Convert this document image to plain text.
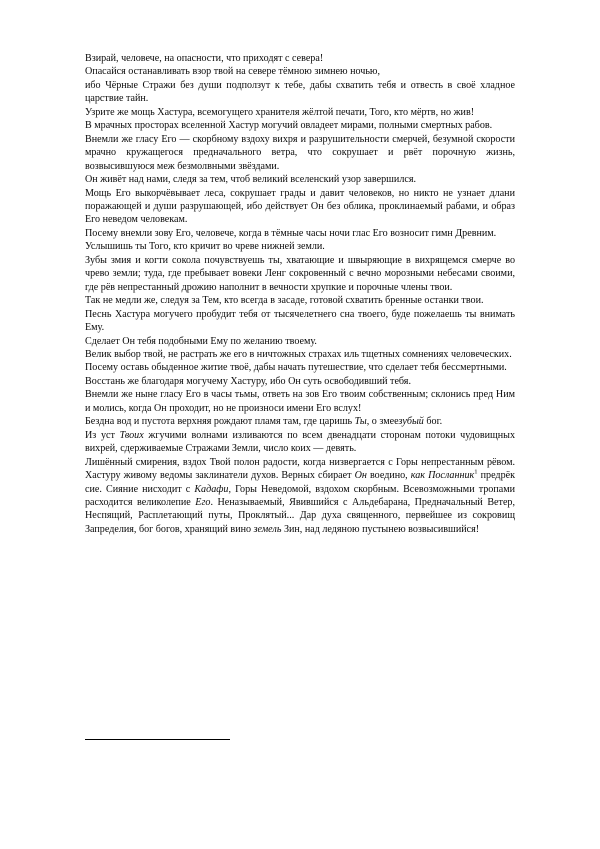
Взирай, человече, на опасности, что приходят с севера!

Опасайся останавливать взор твой на севере тёмною зимнею ночью,

ибо Чёрные Стражи без души подползут к тебе, дабы схватить тебя и отвесть в своё хладное царствие тайн.

Узрите же мощь Хастура, всемогущего хранителя жёлтой печати, Того, кто мёртв, но жив!

В мрачных просторах вселенной Хастур могучий овладеет мирами, полными смертных рабов.

Внемли же гласу Его — скорбному вздоху вихря и разрушительности смерчей, безумной скорости мрачно кружащегося предначального ветра, что сокрушает и рвёт порочную жизнь, возвысившуюся меж безмолвными звёздами.

Он живёт над нами, следя за тем, чтоб великий вселенский узор завершился.

Мощь Его выкорчёвывает леса, сокрушает грады и давит человеков, но никто не узнает длани поражающей и души разрушающей, ибо действует Он без облика, проклинаемый рабами, и образ Его неведом человекам.

Посему внемли зову Его, человече, когда в тёмные часы ночи глас Его возносит гимн Древним.

Услышишь ты Того, кто кричит во чреве нижней земли.

Зубы змия и когти сокола почувствуешь ты, хватающие и швыряющие в вихрящемся смерче во чрево земли; туда, где пребывает вовеки Ленг сокровенный с вечно морозными небесами своими, где рёв непрестанный дрожию наполнит в вечности хрупкие и порочные члены твои.

Так не медли же, следуя за Тем, кто всегда в засаде, готовой схватить бренные останки твои.

Песнь Хастура могучего пробудит тебя от тысячелетнего сна твоего, буде пожелаешь ты внимать Ему.

Сделает Он тебя подобными Ему по желанию твоему.

Велик выбор твой, не растрать же его в ничтожных страхах иль тщетных сомнениях человеческих.

Посему оставь обыденное житие твоё, дабы начать путешествие, что сделает тебя бессмертными.

Восстань же благодаря могучему Хастуру, ибо Он суть освободивший тебя.

Внемли же ныне гласу Его в часы тьмы, ответь на зов Его твоим собственным; склонись пред Ним и молись, когда Он проходит, но не произноси имени Его вслух!

Бездна вод и пустота верхняя рождают пламя там, где царишь Ты, о змеезубый бог.

Из уст Твоих жгучими волнами изливаются по всем двенадцати сторонам потоки чудовищных вихрей, сдерживаемые Стражами Земли, число коих — девять.

Лишённый смирения, вздох Твой полон радости, когда низвергается с Горы непрестанным рёвом. Хастуру живому ведомы заклинатели духов. Верных сбирает Он воедино, как Посланник$^1$ предрёк сие. Сияние нисходит с Кадафи, Горы Неведомой, вздохом скорбным. Всевозможными тропами расходится великолепие Его. Неназываемый, Явившийся с Альдебарана, Предначальный Ветер, Неспящий, Расплетающий путы, Проклятый... Дар духа священного, первейшее из сокровищ Запределия, бог богов, хранящий вино земель Зин, над ледяною пустынею возвысившийся!
